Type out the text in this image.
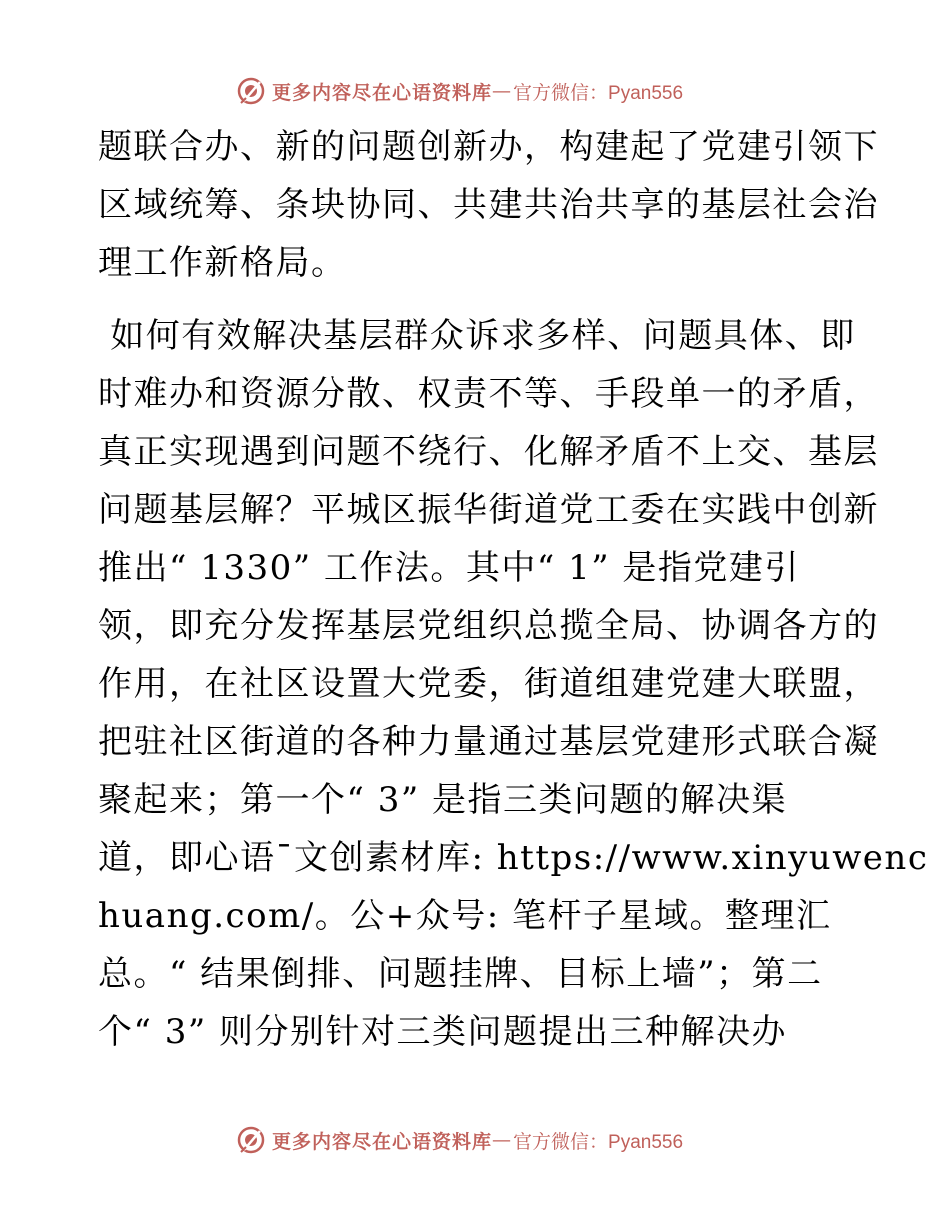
更多内容尽在心语资料库 — 官方微信：Pyan556
题联合办、新的问题创新办，构建起了党建引领下
区域统筹、条块协同、共建共治共享的基层社会治
理工作新格局。
如何有效解决基层群众诉求多样、问题具体、即
时难办和资源分散、权责不等、手段单一的矛盾，
真正实现遇到问题不绕行、化解矛盾不上交、基层
问题基层解？平城区振华街道党工委在实践中创新
推出“ 1330” 工作法。其中“ 1” 是指党建引
领，即充分发挥基层党组织总揽全局、协调各方的
作用，在社区设置大党委，街道组建党建大联盟，
把驻社区街道的各种力量通过基层党建形式联合凝
聚起来；第一个“ 3” 是指三类问题的解决渠
道，即心语¯文创素材库: https://www.xinyuwenc
huang.com/。公+众号: 笔杆子星域。整理汇
总。“ 结果倒排、问题挂牌、目标上墙”；第二
个“ 3” 则分别针对三类问题提出三种解决办
更多内容尽在心语资料库 — 官方微信：Pyan556
